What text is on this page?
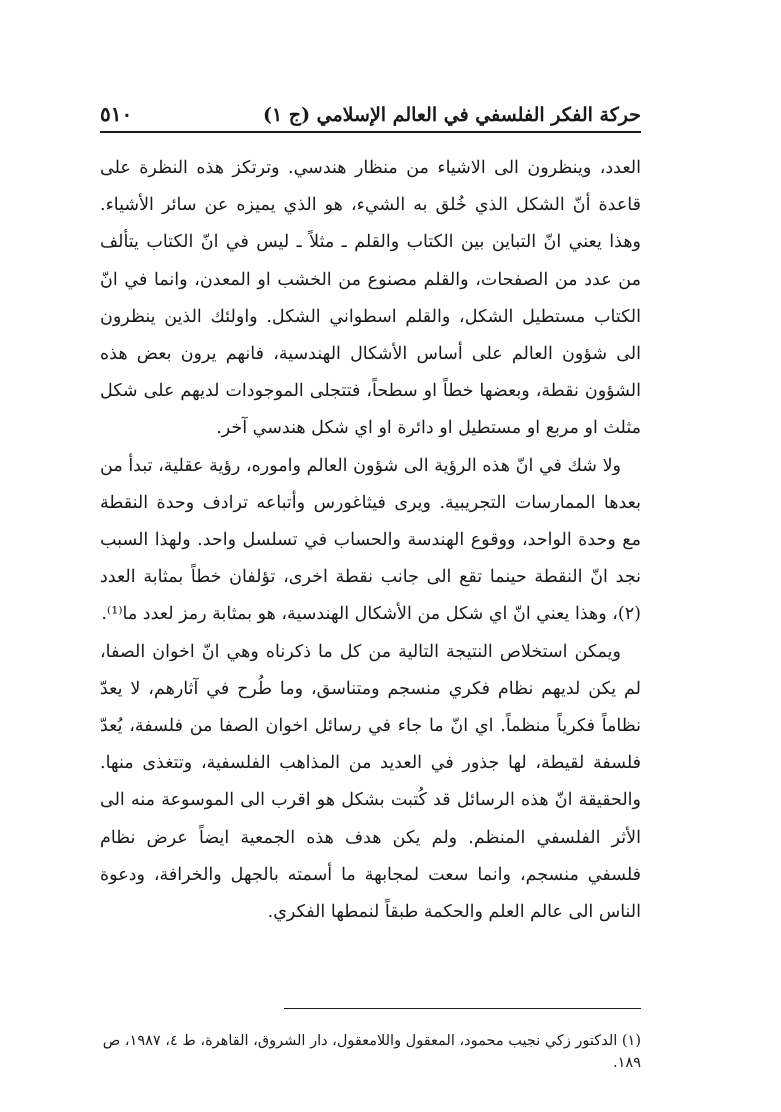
حركة الفكر الفلسفي في العالم الإسلامي (ج ١)
٥١٠

العدد، وينظرون الى الاشياء من منظار هندسي. وترتكز هذه النظرة على قاعدة أنّ الشكل الذي خُلق به الشيء، هو الذي يميزه عن سائر الأشياء. وهذا يعني انّ التباين بين الكتاب والقلم ـ مثلاً ـ ليس في انّ الكتاب يتألف من عدد من الصفحات، والقلم مصنوع من الخشب او المعدن، وانما في انّ الكتاب مستطيل الشكل، والقلم اسطواني الشكل. واولئك الذين ينظرون الى شؤون العالم على أساس الأشكال الهندسية، فانهم يرون بعض هذه الشؤون نقطة، وبعضها خطاً او سطحاً، فتتجلى الموجودات لديهم على شكل مثلث او مربع او مستطيل او دائرة او اي شكل هندسي آخر.

ولا شك في انّ هذه الرؤية الى شؤون العالم واموره، رؤية عقلية، تبدأ من بعدها الممارسات التجريبية. ويرى فيثاغورس وأتباعه ترادف وحدة النقطة مع وحدة الواحد، ووقوع الهندسة والحساب في تسلسل واحد. ولهذا السبب نجد انّ النقطة حينما تقع الى جانب نقطة اخرى، تؤلفان خطاً بمثابة العدد (٢)، وهذا يعني انّ اي شكل من الأشكال الهندسية، هو بمثابة رمز لعدد ما⁽¹⁾.

ويمكن استخلاص النتيجة التالية من كل ما ذكرناه وهي انّ اخوان الصفا، لم يكن لديهم نظام فكري منسجم ومتناسق، وما طُرح في آثارهم، لا يعدّ نظاماً فكرياً منظماً. اي انّ ما جاء في رسائل اخوان الصفا من فلسفة، يُعدّ فلسفة لقيطة، لها جذور في العديد من المذاهب الفلسفية، وتتغذى منها. والحقيقة انّ هذه الرسائل قد كُتبت بشكل هو اقرب الى الموسوعة منه الى الأثر الفلسفي المنظم. ولم يكن هدف هذه الجمعية ايضاً عرض نظام فلسفي منسجم، وانما سعت لمجابهة ما أسمته بالجهل والخرافة، ودعوة الناس الى عالم العلم والحكمة طبقاً لنمطها الفكري.

(١) الدكتور زكي نجيب محمود، المعقول واللامعقول، دار الشروق، القاهرة، ط ٤، ١٩٨٧، ص ١٨٩.
